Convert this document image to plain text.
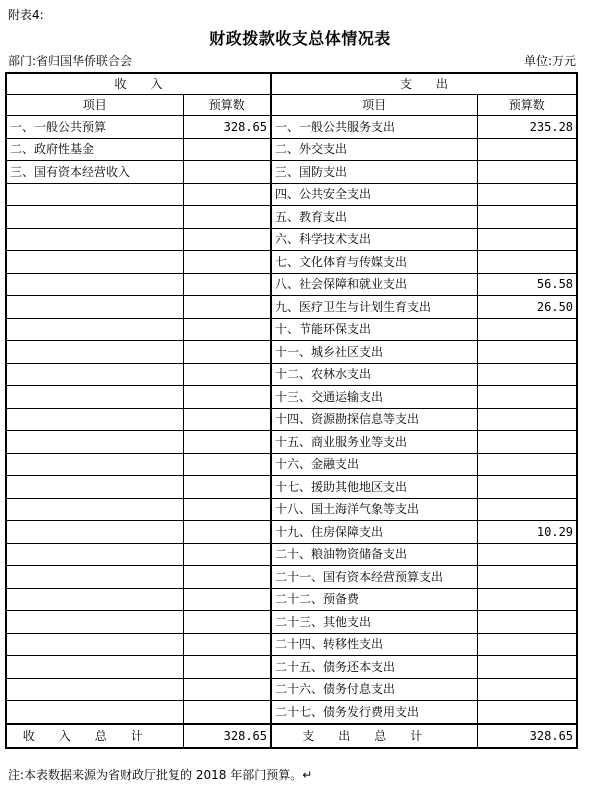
附表4:
财政拨款收支总体情况表
部门:省归国华侨联合会	单位:万元
收　　入		支　　出	
项目	预算数	项目	预算数
一、一般公共预算	328.65	一、一般公共服务支出	235.28
二、政府性基金		二、外交支出	
三、国有资本经营收入		三、国防支出	
		四、公共安全支出	
		五、教育支出	
		六、科学技术支出	
		七、文化体育与传媒支出	
		八、社会保障和就业支出	56.58
		九、医疗卫生与计划生育支出	26.50
		十、节能环保支出	
		十一、城乡社区支出	
		十二、农林水支出	
		十三、交通运输支出	
		十四、资源勘探信息等支出	
		十五、商业服务业等支出	
		十六、金融支出	
		十七、援助其他地区支出	
		十八、国土海洋气象等支出	
		十九、住房保障支出	10.29
		二十、粮油物资储备支出	
		二十一、国有资本经营预算支出	
		二十二、预备费	
		二十三、其他支出	
		二十四、转移性支出	
		二十五、债务还本支出	
		二十六、债务付息支出	
		二十七、债务发行费用支出	
收入总计	328.65	支出总计	328.65
注:本表数据来源为省财政厅批复的 2018 年部门预算。↵
